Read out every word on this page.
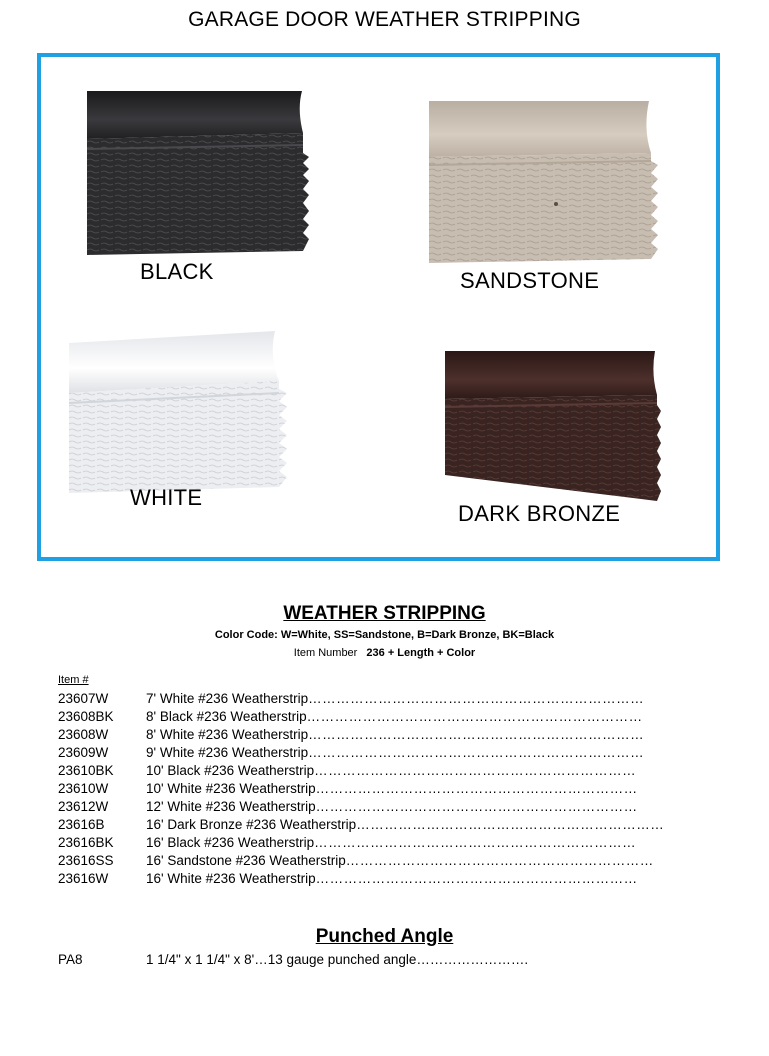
GARAGE DOOR WEATHER STRIPPING
BLACK	SANDSTONE
WHITE
DARK BRONZE
WEATHER STRIPPING
Color Code: W=White, SS=Sandstone, B=Dark Bronze, BK=Black
Item Number 236 + Length + Color
Item #
23607W	7' White #236 Weatherstrip ………………………………………………………………
23608BK	8' Black #236 Weatherstrip ………………………………………………………………
23608W	8' White #236 Weatherstrip ………………………………………………………………
23609W	9' White #236 Weatherstrip ………………………………………………………………
23610BK	10' Black #236 Weatherstrip ……………………………………………………………
23610W	10' White #236 Weatherstrip ……………………………………………………………
23612W	12' White #236 Weatherstrip ……………………………………………………………
23616B	16' Dark Bronze #236 Weatherstrip …………………………………………………………
23616BK	16' Black #236 Weatherstrip ……………………………………………………………
23616SS	16' Sandstone #236 Weatherstrip …………………………………………………………
23616W	16' White #236 Weatherstrip ……………………………………………………………
Punched Angle
PA8	1 1/4" x 1 1/4" x 8'…13 gauge punched angle…………………….
